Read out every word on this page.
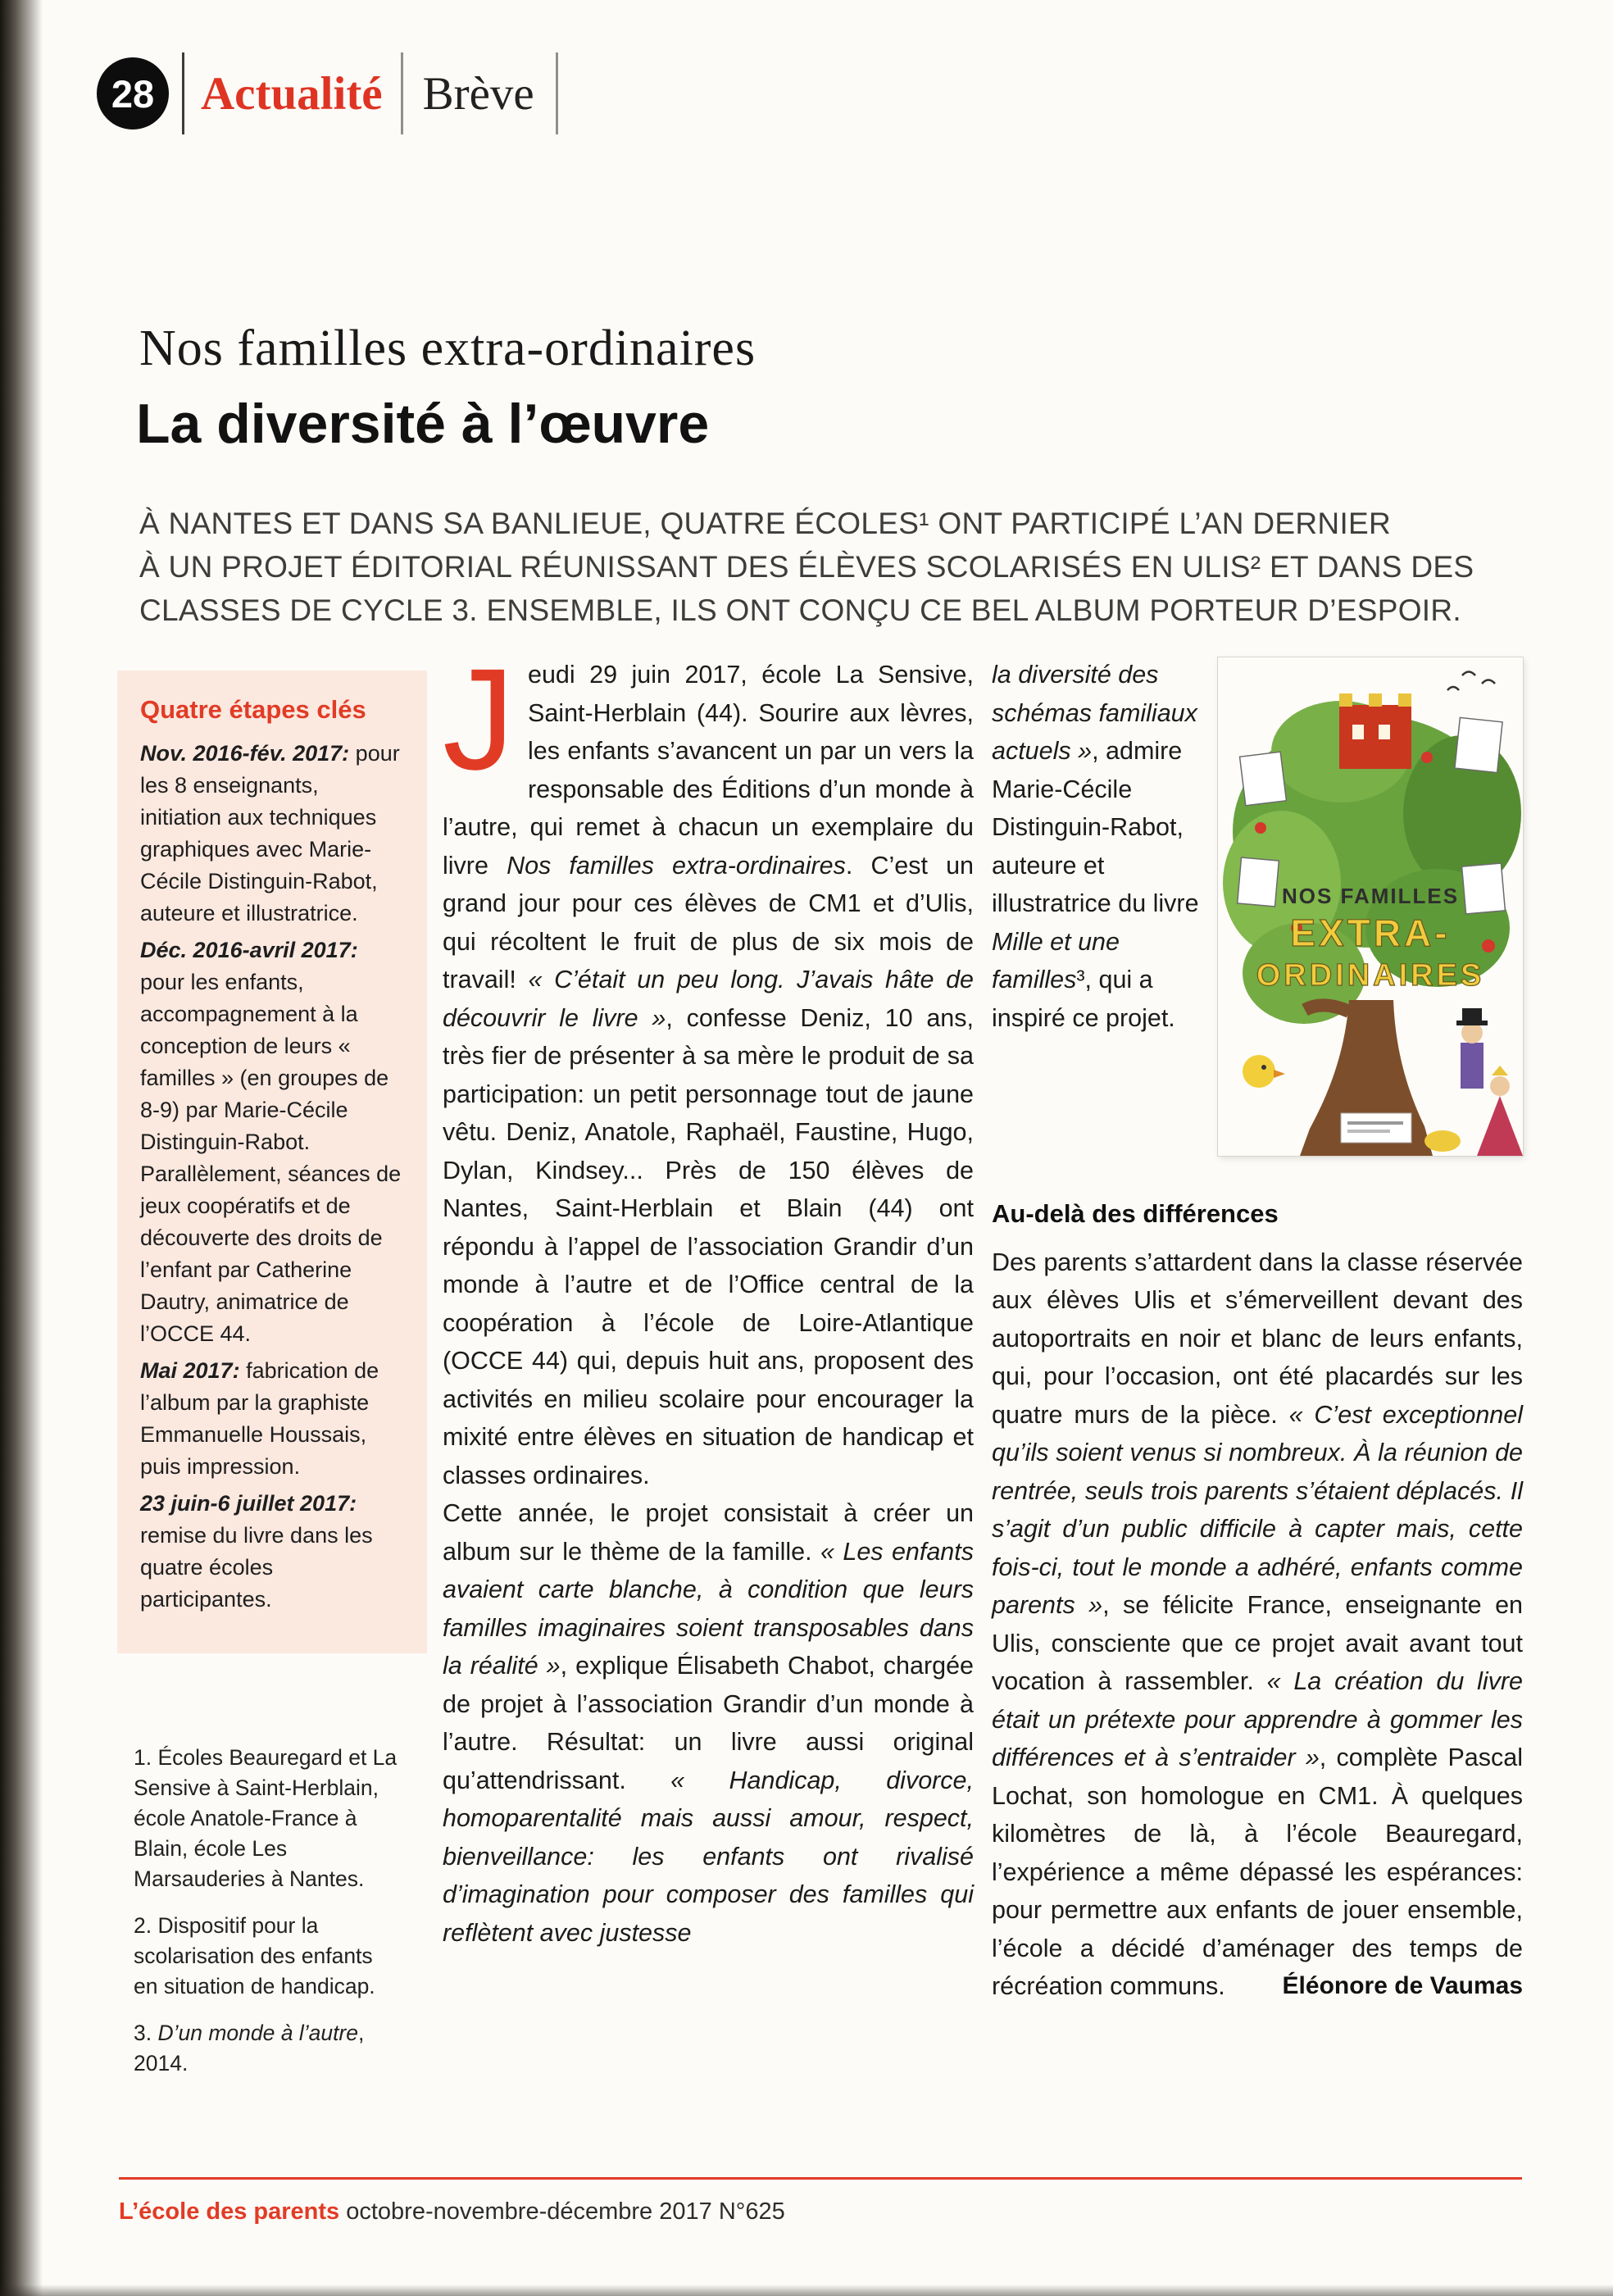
28 Actualité Brève
Nos familles extra-ordinaires
La diversité à l’œuvre
À NANTES ET DANS SA BANLIEUE, QUATRE ÉCOLES¹ ONT PARTICIPÉ L’AN DERNIER
À UN PROJET ÉDITORIAL RÉUNISSANT DES ÉLÈVES SCOLARISÉS EN ULIS² ET DANS DES
CLASSES DE CYCLE 3. ENSEMBLE, ILS ONT CONÇU CE BEL ALBUM PORTEUR D’ESPOIR.
Quatre étapes clés

Nov. 2016-fév. 2017: pour les 8 enseignants, initiation aux techniques graphiques avec Marie-Cécile Distinguin-Rabot, auteure et illustratrice.

Déc. 2016-avril 2017: pour les enfants, accompagnement à la conception de leurs « familles » (en groupes de 8-9) par Marie-Cécile Distinguin-Rabot. Parallèlement, séances de jeux coopératifs et de découverte des droits de l’enfant par Catherine Dautry, animatrice de l’OCCE 44.

Mai 2017: fabrication de l’album par la graphiste Emmanuelle Houssais, puis impression.

23 juin-6 juillet 2017: remise du livre dans les quatre écoles participantes.

1. Écoles Beauregard et La Sensive à Saint-Herblain, école Anatole-France à Blain, école Les Marsauderies à Nantes.

2. Dispositif pour la scolarisation des enfants en situation de handicap.

3. D’un monde à l’autre, 2014.

Jeudi 29 juin 2017, école La Sensive, Saint-Herblain (44). Sourire aux lèvres, les enfants s’avancent un par un vers la responsable des Éditions d’un monde à l’autre, qui remet à chacun un exemplaire du livre Nos familles extra-ordinaires. C’est un grand jour pour ces élèves de CM1 et d’Ulis, qui récoltent le fruit de plus de six mois de travail! « C’était un peu long. J’avais hâte de découvrir le livre », confesse Deniz, 10 ans, très fier de présenter à sa mère le produit de sa participation: un petit personnage tout de jaune vêtu. Deniz, Anatole, Raphaël, Faustine, Hugo, Dylan, Kindsey... Près de 150 élèves de Nantes, Saint-Herblain et Blain (44) ont répondu à l’appel de l’association Grandir d’un monde à l’autre et de l’Office central de la coopération à l’école de Loire-Atlantique (OCCE 44) qui, depuis huit ans, proposent des activités en milieu scolaire pour encourager la mixité entre élèves en situation de handicap et classes ordinaires.

Cette année, le projet consistait à créer un album sur le thème de la famille. « Les enfants avaient carte blanche, à condition que leurs familles imaginaires soient transposables dans la réalité », explique Élisabeth Chabot, chargée de projet à l’association Grandir d’un monde à l’autre. Résultat: un livre aussi original qu’attendrissant. « Handicap, divorce, homoparentalité mais aussi amour, respect, bienveillance: les enfants ont rivalisé d’imagination pour composer des familles qui reflètent avec justesse

NOS FAMILLES
EXTRA-
ORDINAIRES

la diversité des schémas familiaux actuels », admire Marie-Cécile Distinguin-Rabot, auteure et illustratrice du livre Mille et une familles³, qui a inspiré ce projet.

Au-delà des différences

Des parents s’attardent dans la classe réservée aux élèves Ulis et s’émerveillent devant des autoportraits en noir et blanc de leurs enfants, qui, pour l’occasion, ont été placardés sur les quatre murs de la pièce. « C’est exceptionnel qu’ils soient venus si nombreux. À la réunion de rentrée, seuls trois parents s’étaient déplacés. Il s’agit d’un public difficile à capter mais, cette fois-ci, tout le monde a adhéré, enfants comme parents », se félicite France, enseignante en Ulis, consciente que ce projet avait avant tout vocation à rassembler. « La création du livre était un prétexte pour apprendre à gommer les différences et à s’entraider », complète Pascal Lochat, son homologue en CM1. À quelques kilomètres de là, à l’école Beauregard, l’expérience a même dépassé les espérances: pour permettre aux enfants de jouer ensemble, l’école a décidé d’aménager des temps de récréation communs.	Éléonore de Vaumas
L’école des parents octobre-novembre-décembre 2017 N°625
